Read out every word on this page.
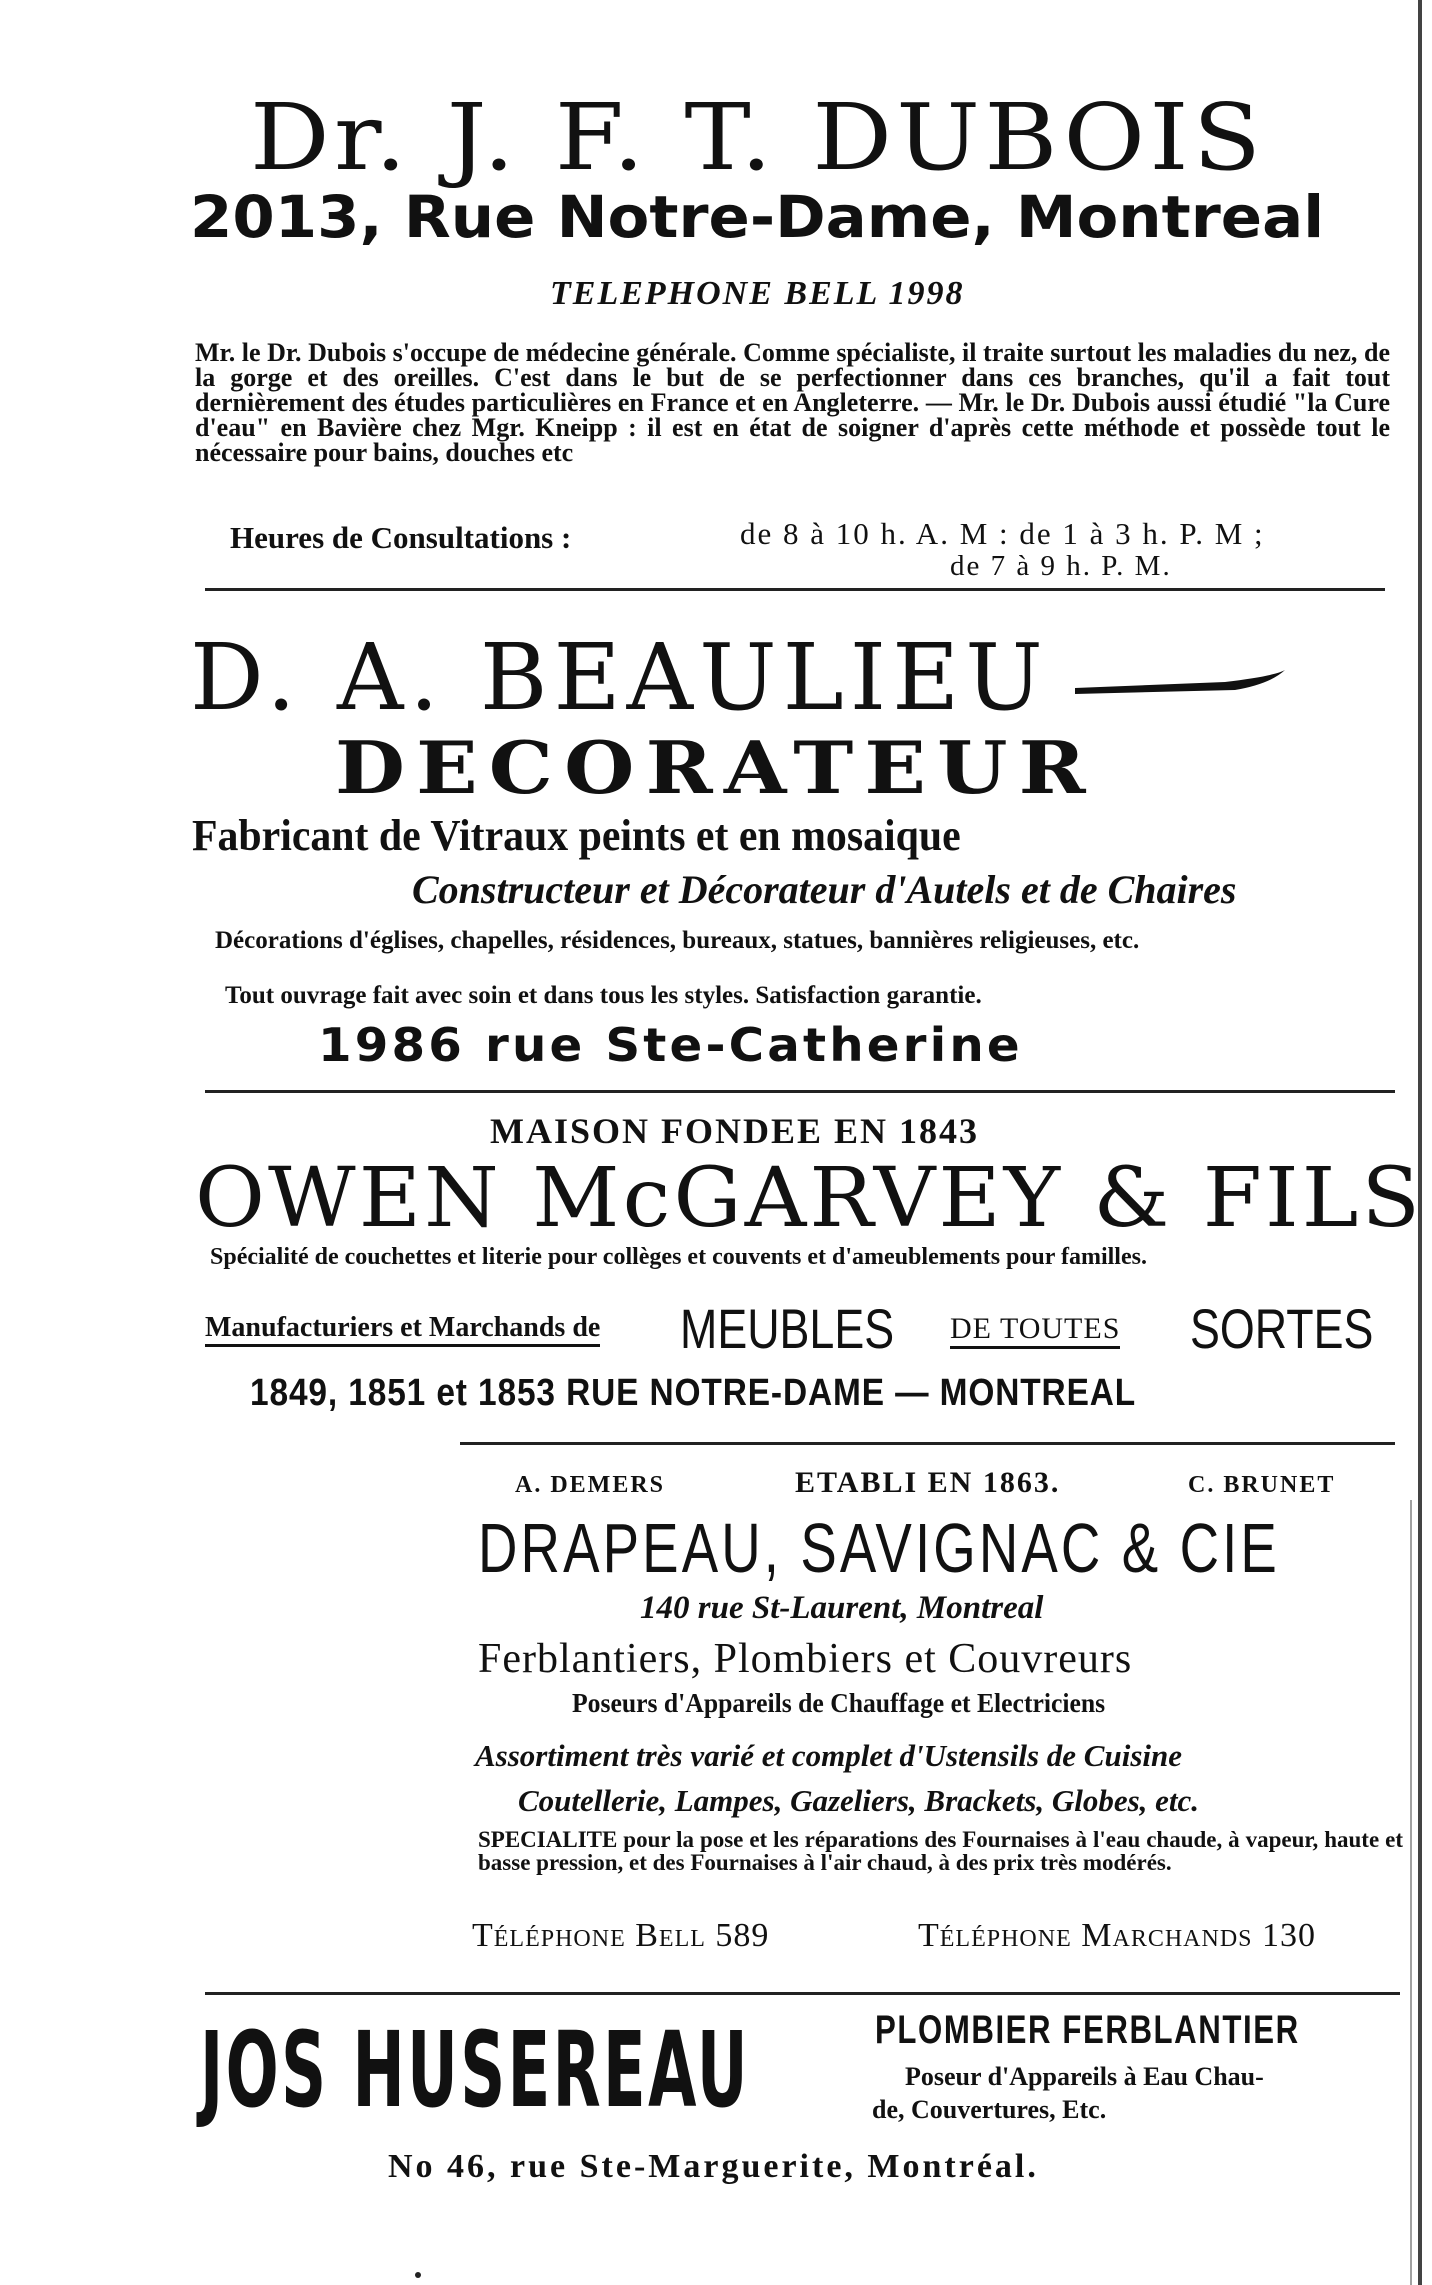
Dr. J. F. T. DUBOIS
2013, Rue Notre-Dame, Montreal
TELEPHONE BELL 1998
Mr. le Dr. Dubois s'occupe de médecine générale. Comme spécialiste, il traite surtout les maladies du nez, de la gorge et des oreilles. C'est dans le but de se perfectionner dans ces branches, qu'il a fait tout dernièrement des études particulières en France et en Angleterre. — Mr. le Dr. Dubois aussi étudié "la Cure d'eau" en Bavière chez Mgr. Kneipp : il est en état de soigner d'après cette méthode et possède tout le nécessaire pour bains, douches etc
Heures de Consultations :	de 8 à 10 h. A. M : de 1 à 3 h. P. M ;
de 7 à 9 h. P. M.
D. A. BEAULIEU
DECORATEUR
Fabricant de Vitraux peints et en mosaique
Constructeur et Décorateur d'Autels et de Chaires
Décorations d'églises, chapelles, résidences, bureaux, statues, bannières religieuses, etc.
Tout ouvrage fait avec soin et dans tous les styles. Satisfaction garantie.
1986 rue Ste-Catherine
MAISON FONDEE EN 1843
OWEN McGARVEY & FILS
Spécialité de couchettes et literie pour collèges et couvents et d'ameublements pour familles.
Manufacturiers et Marchands de MEUBLES DE TOUTES SORTES
1849, 1851 et 1853 RUE NOTRE-DAME — MONTREAL
A. DEMERS	ETABLI EN 1863.	C. BRUNET
DRAPEAU, SAVIGNAC & CIE
140 rue St-Laurent, Montreal
Ferblantiers, Plombiers et Couvreurs
Poseurs d'Appareils de Chauffage et Electriciens
Assortiment très varié et complet d'Ustensils de Cuisine
Coutellerie, Lampes, Gazeliers, Brackets, Globes, etc.
SPECIALITE pour la pose et les réparations des Fournaises à l'eau chaude, à vapeur, haute et basse pression, et des Fournaises à l'air chaud, à des prix très modérés.
Téléphone Bell 589	Téléphone Marchands 130
JOS HUSEREAU	PLOMBIER FERBLANTIER
Poseur d'Appareils à Eau Chau-
de, Couvertures, Etc.
No 46, rue Ste-Marguerite, Montréal.
